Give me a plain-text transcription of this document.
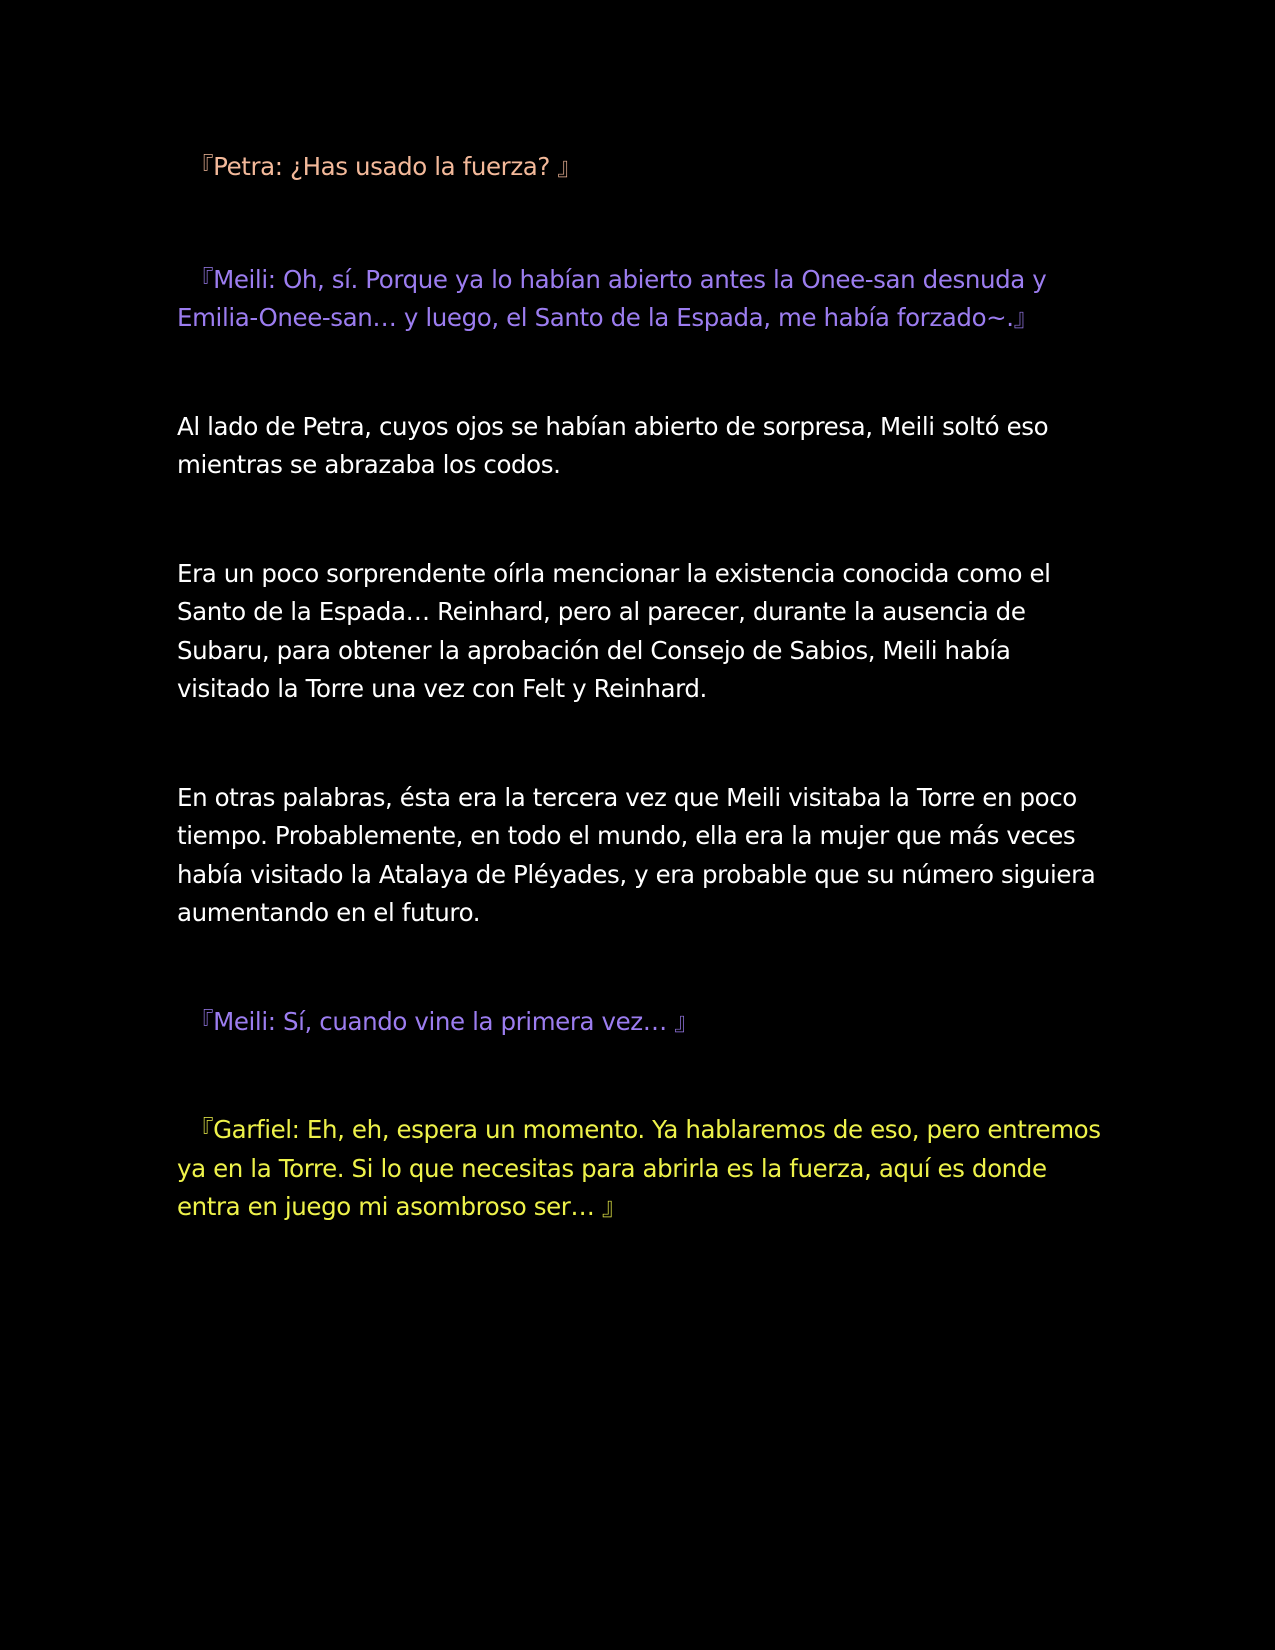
『Petra: ¿Has usado la fuerza? 』

『Meili: Oh, sí. Porque ya lo habían abierto antes la Onee-san desnuda y Emilia-Onee-san… y luego, el Santo de la Espada, me había forzado~.』

Al lado de Petra, cuyos ojos se habían abierto de sorpresa, Meili soltó eso mientras se abrazaba los codos.

Era un poco sorprendente oírla mencionar la existencia conocida como el Santo de la Espada… Reinhard, pero al parecer, durante la ausencia de Subaru, para obtener la aprobación del Consejo de Sabios, Meili había visitado la Torre una vez con Felt y Reinhard.

En otras palabras, ésta era la tercera vez que Meili visitaba la Torre en poco tiempo. Probablemente, en todo el mundo, ella era la mujer que más veces había visitado la Atalaya de Pléyades, y era probable que su número siguiera aumentando en el futuro.

『Meili: Sí, cuando vine la primera vez… 』

『Garfiel: Eh, eh, espera un momento. Ya hablaremos de eso, pero entremos ya en la Torre. Si lo que necesitas para abrirla es la fuerza, aquí es donde entra en juego mi asombroso ser… 』
